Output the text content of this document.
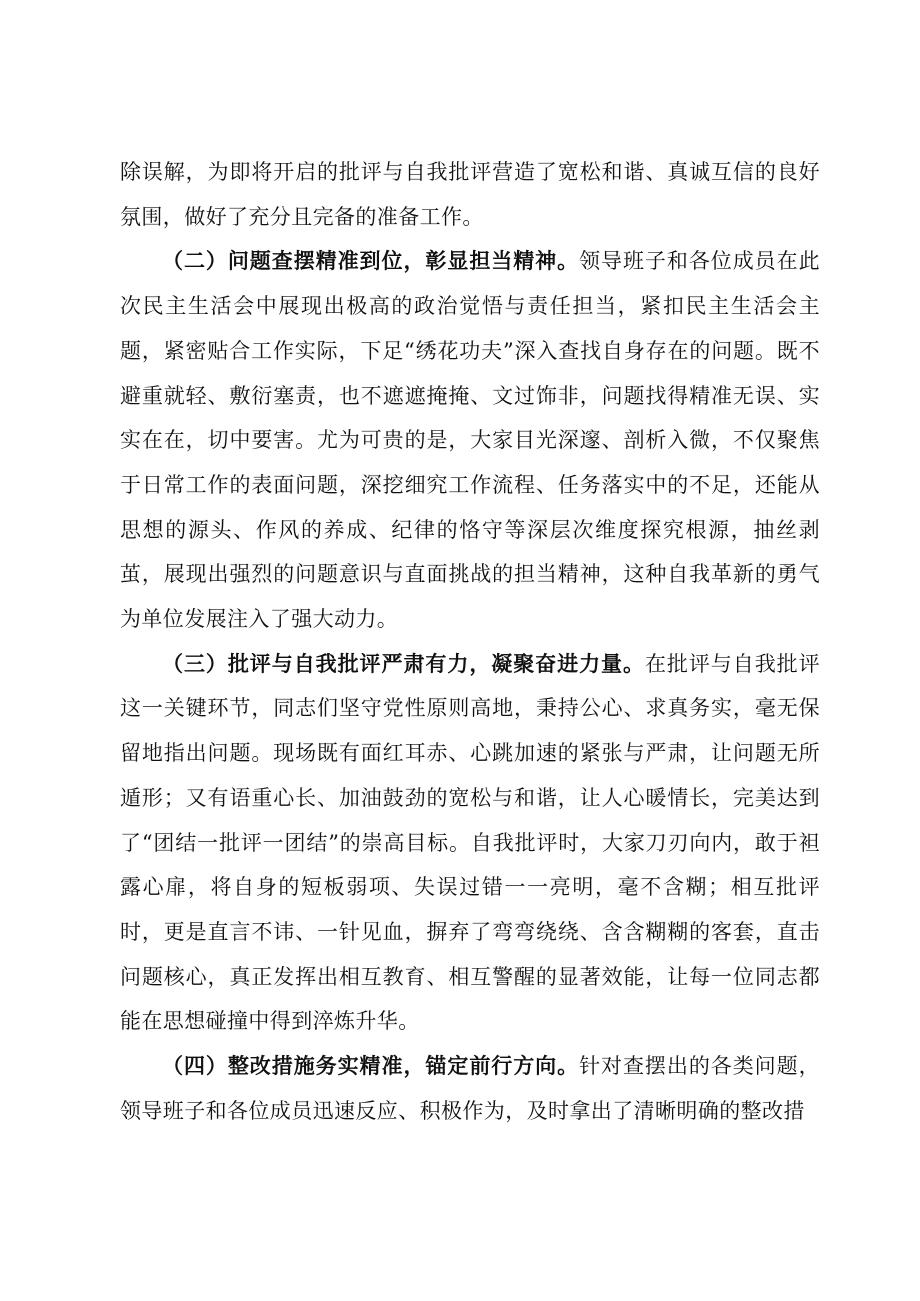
除误解，为即将开启的批评与自我批评营造了宽松和谐、真诚互信的良好氛围，做好了充分且完备的准备工作。

（二）问题查摆精准到位，彰显担当精神。领导班子和各位成员在此次民主生活会中展现出极高的政治觉悟与责任担当，紧扣民主生活会主题，紧密贴合工作实际，下足“绣花功夫”深入查找自身存在的问题。既不避重就轻、敷衍塞责，也不遮遮掩掩、文过饰非，问题找得精准无误、实实在在，切中要害。尤为可贵的是，大家目光深邃、剖析入微，不仅聚焦于日常工作的表面问题，深挖细究工作流程、任务落实中的不足，还能从思想的源头、作风的养成、纪律的恪守等深层次维度探究根源，抽丝剥茧，展现出强烈的问题意识与直面挑战的担当精神，这种自我革新的勇气为单位发展注入了强大动力。

（三）批评与自我批评严肃有力，凝聚奋进力量。在批评与自我批评这一关键环节，同志们坚守党性原则高地，秉持公心、求真务实，毫无保留地指出问题。现场既有面红耳赤、心跳加速的紧张与严肃，让问题无所遁形；又有语重心长、加油鼓劲的宽松与和谐，让人心暖情长，完美达到了“团结一批评一团结”的崇高目标。自我批评时，大家刀刃向内，敢于袒露心扉，将自身的短板弱项、失误过错一一亮明，毫不含糊；相互批评时，更是直言不讳、一针见血，摒弃了弯弯绕绕、含含糊糊的客套，直击问题核心，真正发挥出相互教育、相互警醒的显著效能，让每一位同志都能在思想碰撞中得到淬炼升华。

（四）整改措施务实精准，锚定前行方向。针对查摆出的各类问题，领导班子和各位成员迅速反应、积极作为，及时拿出了清晰明确的整改措
